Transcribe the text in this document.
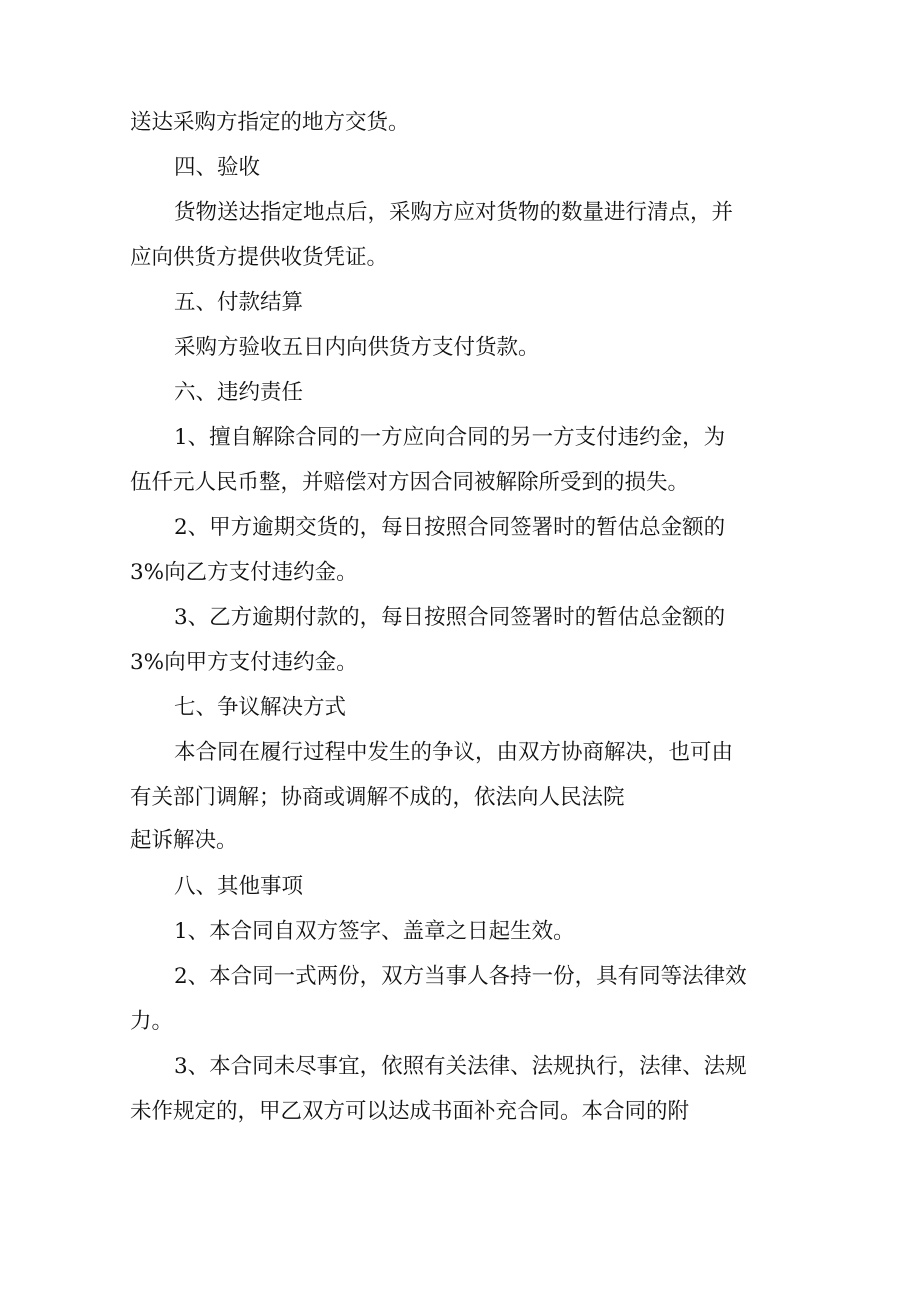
送达采购方指定的地方交货。

四、验收

货物送达指定地点后，采购方应对货物的数量进行清点，并

应向供货方提供收货凭证。

五、付款结算

采购方验收五日内向供货方支付货款。

六、违约责任

1、擅自解除合同的一方应向合同的另一方支付违约金，为

伍仟元人民币整，并赔偿对方因合同被解除所受到的损失。

2、甲方逾期交货的，每日按照合同签署时的暂估总金额的

3%向乙方支付违约金。

3、乙方逾期付款的，每日按照合同签署时的暂估总金额的

3%向甲方支付违约金。

七、争议解决方式

本合同在履行过程中发生的争议，由双方协商解决，也可由

有关部门调解；协商或调解不成的，依法向人民法院

起诉解决。

八、其他事项

1、本合同自双方签字、盖章之日起生效。

2、本合同一式两份，双方当事人各持一份，具有同等法律效

力。

3、本合同未尽事宜，依照有关法律、法规执行，法律、法规

未作规定的，甲乙双方可以达成书面补充合同。本合同的附
